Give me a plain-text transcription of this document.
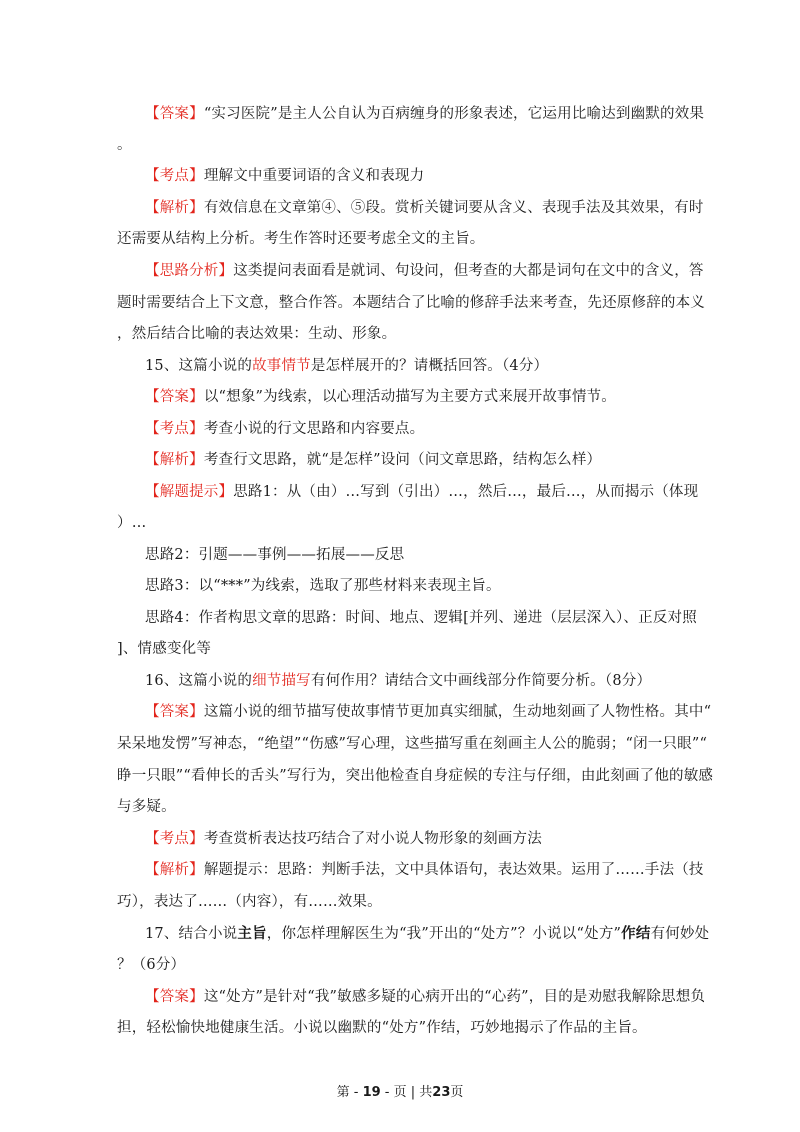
【答案】“实习医院”是主人公自认为百病缠身的形象表述，它运用比喻达到幽默的效果
。
【考点】理解文中重要词语的含义和表现力
【解析】有效信息在文章第④、⑤段。赏析关键词要从含义、表现手法及其效果，有时
还需要从结构上分析。考生作答时还要考虑全文的主旨。
【思路分析】这类提问表面看是就词、句设问，但考查的大都是词句在文中的含义，答
题时需要结合上下文意，整合作答。本题结合了比喻的修辞手法来考查，先还原修辞的本义
，然后结合比喻的表达效果：生动、形象。
15、这篇小说的故事情节是怎样展开的？请概括回答。（4分）
【答案】以“想象”为线索，以心理活动描写为主要方式来展开故事情节。
【考点】考查小说的行文思路和内容要点。
【解析】考查行文思路，就“是怎样”设问（问文章思路，结构怎么样）
【解题提示】思路1：从（由）…写到（引出）…，然后…，最后…，从而揭示（体现
）…
思路2：引题——事例——拓展——反思
思路3：以“***”为线索，选取了那些材料来表现主旨。
思路4：作者构思文章的思路：时间、地点、逻辑[并列、递进（层层深入）、正反对照
]、情感变化等
16、这篇小说的细节描写有何作用？请结合文中画线部分作简要分析。（8分）
【答案】这篇小说的细节描写使故事情节更加真实细腻，生动地刻画了人物性格。其中“
呆呆地发愣”写神态，“绝望”“伤感”写心理，这些描写重在刻画主人公的脆弱；“闭一只眼”“
睁一只眼”“看伸长的舌头”写行为，突出他检查自身症候的专注与仔细，由此刻画了他的敏感
与多疑。
【考点】考查赏析表达技巧结合了对小说人物形象的刻画方法
【解析】解题提示：思路：判断手法，文中具体语句，表达效果。运用了……手法（技
巧），表达了……（内容），有……效果。
17、结合小说主旨，你怎样理解医生为“我”开出的“处方”？小说以“处方”作结有何妙处
？（6分）
【答案】这“处方”是针对“我”敏感多疑的心病开出的“心药”，目的是劝慰我解除思想负
担，轻松愉快地健康生活。小说以幽默的“处方”作结，巧妙地揭示了作品的主旨。
第 - 19 - 页 | 共23页
